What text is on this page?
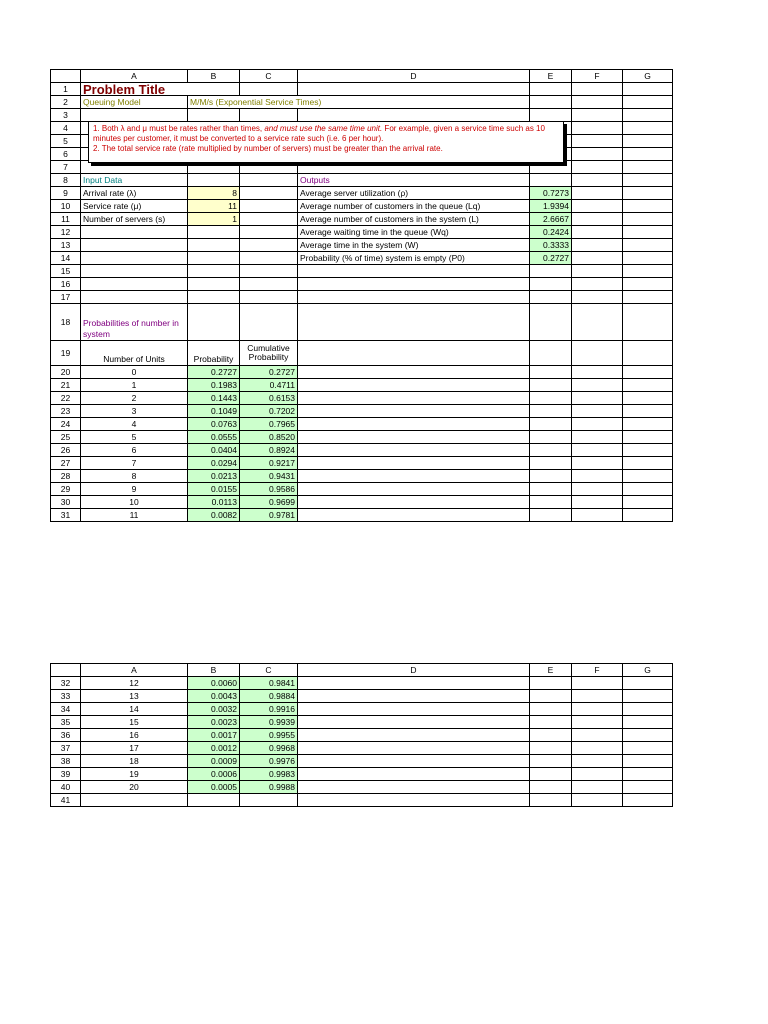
	A	B	C	D	E	F	G
1	Problem Title						
2	Queuing Model	M/M/s (Exponential Service Times)					
3							
4							
5							
6							
7							
8	Input Data			Outputs			
9	Arrival rate (λ)	8		Average server utilization (ρ)	0.7273		
10	Service rate (μ)	11		Average number of customers in the queue (Lq)	1.9394		
11	Number of servers (s)	1		Average number of customers in the system (L)	2.6667		
12				Average waiting time in the queue (Wq)	0.2424		
13				Average time in the system (W)	0.3333		
14				Probability (% of time) system is empty (P0)	0.2727		
15							
16							
17							
18	Probabilities of number in system						
19	Number of Units	Probability	Cumulative
Probability				

20	0	0.2727	0.2727				
21	1	0.1983	0.4711				
22	2	0.1443	0.6153				
23	3	0.1049	0.7202				
24	4	0.0763	0.7965				
25	5	0.0555	0.8520				
26	6	0.0404	0.8924				
27	7	0.0294	0.9217				
28	8	0.0213	0.9431				
29	9	0.0155	0.9586				
30	10	0.0113	0.9699				
31	11	0.0082	0.9781				
1. Both λ and μ must be rates rather than times, and must use the same time unit. For example, given a service time such as 10 minutes per customer, it must be converted to a service rate such (i.e. 6 per hour).
2. The total service rate (rate multiplied by number of servers) must be greater than the arrival rate.
	A	B	C	D	E	F	G
32	12	0.0060	0.9841				
33	13	0.0043	0.9884				
34	14	0.0032	0.9916				
35	15	0.0023	0.9939				
36	16	0.0017	0.9955				
37	17	0.0012	0.9968				
38	18	0.0009	0.9976				
39	19	0.0006	0.9983				
40	20	0.0005	0.9988				
41							
